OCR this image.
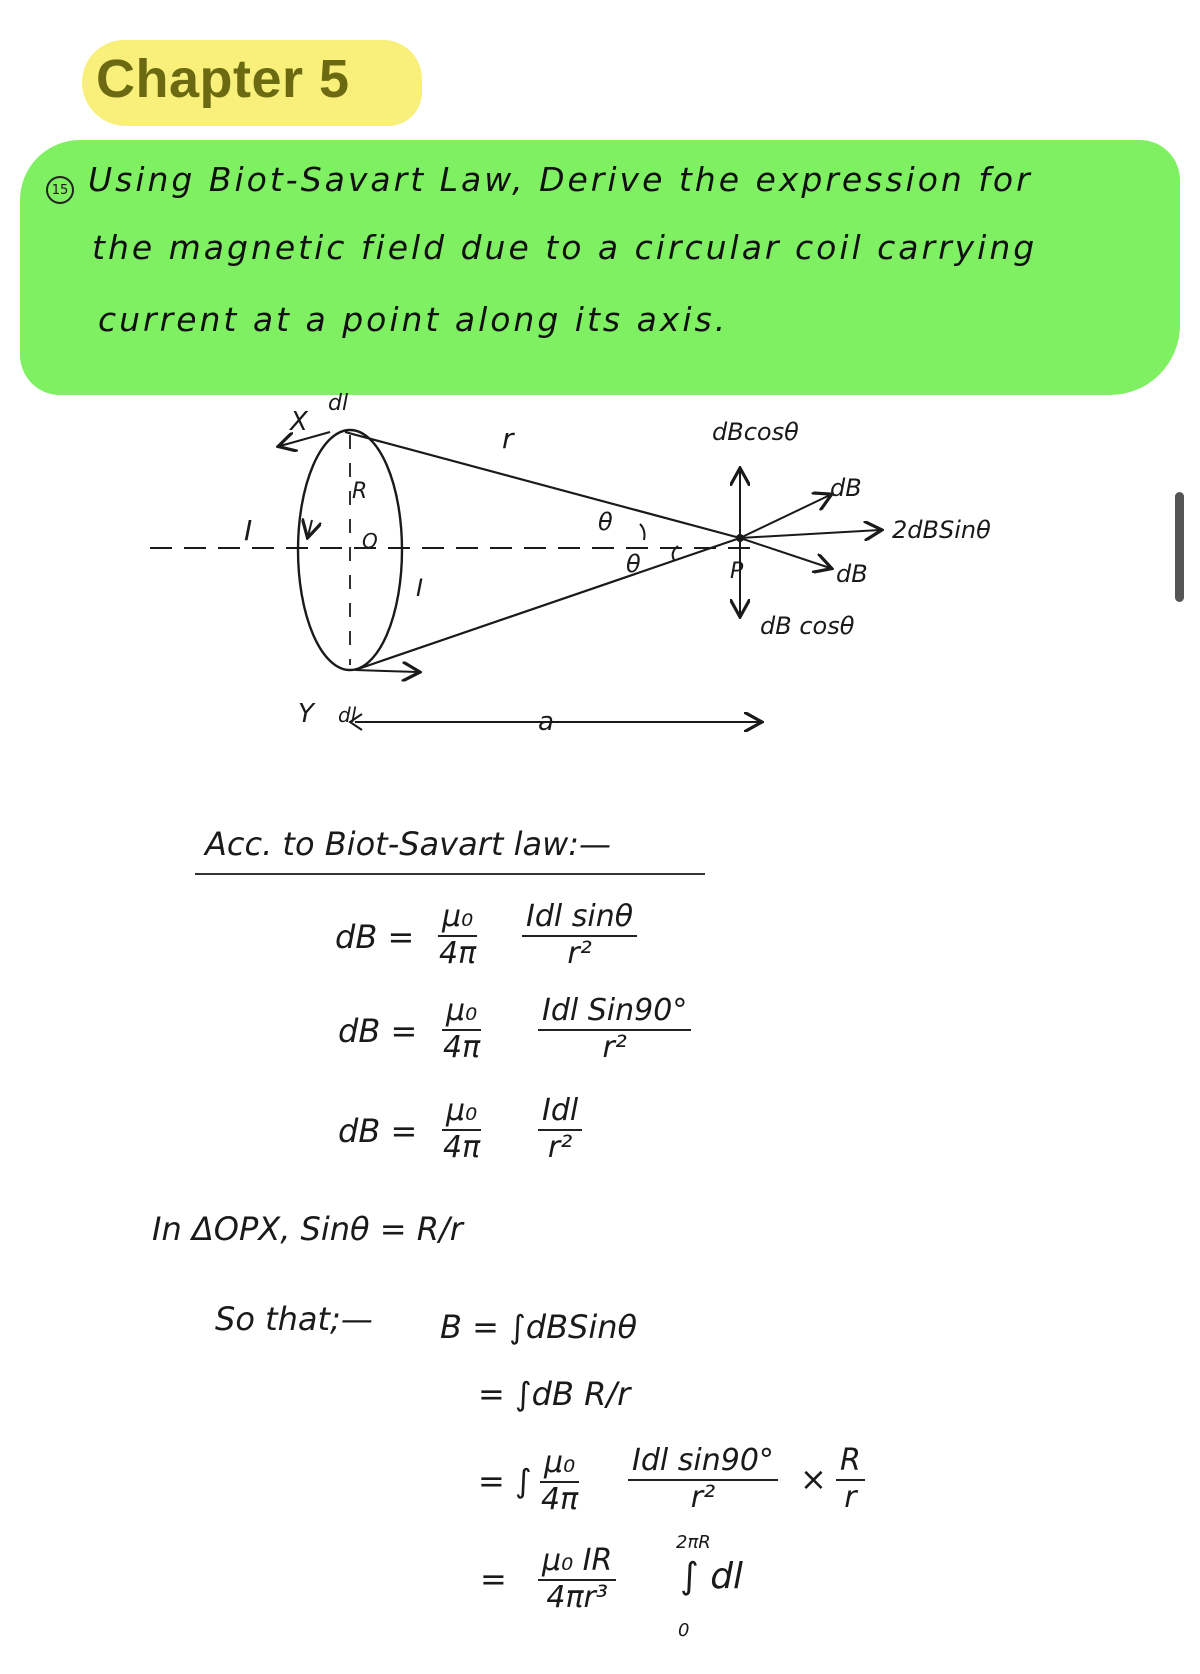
Chapter 5
15 Using Biot-Savart Law, Derive the expression for
the magnetic field due to a circular coil carrying
current at a point along its axis.
X
dl
r
R
I	O
I
Y dl	a
θ
θ	P
dBcosθ
dB
2dBSinθ
dB
dB cosθ
Acc. to Biot-Savart law:—
dB = $\frac{\text{μ₀}}{4\pi}$ Idl sinθ
r²
dB = $\frac{\text{μ₀}}{4\pi}$ Idl Sin90°
r²
dB = $\frac{\text{μ₀}}{4\pi}$ Idl
r²
In ΔOPX, Sinθ = R/r
So that;— B = ∫dBSinθ
= ∫dB R/r
= ∫ $\frac{\text{μ₀}}{4\pi}$ Idl sin90°
r²	× $\frac{R}{r}$
= $\frac{\text{μ₀ IR}}{\text{4πr³}}$
2πR
∫ dl
0
